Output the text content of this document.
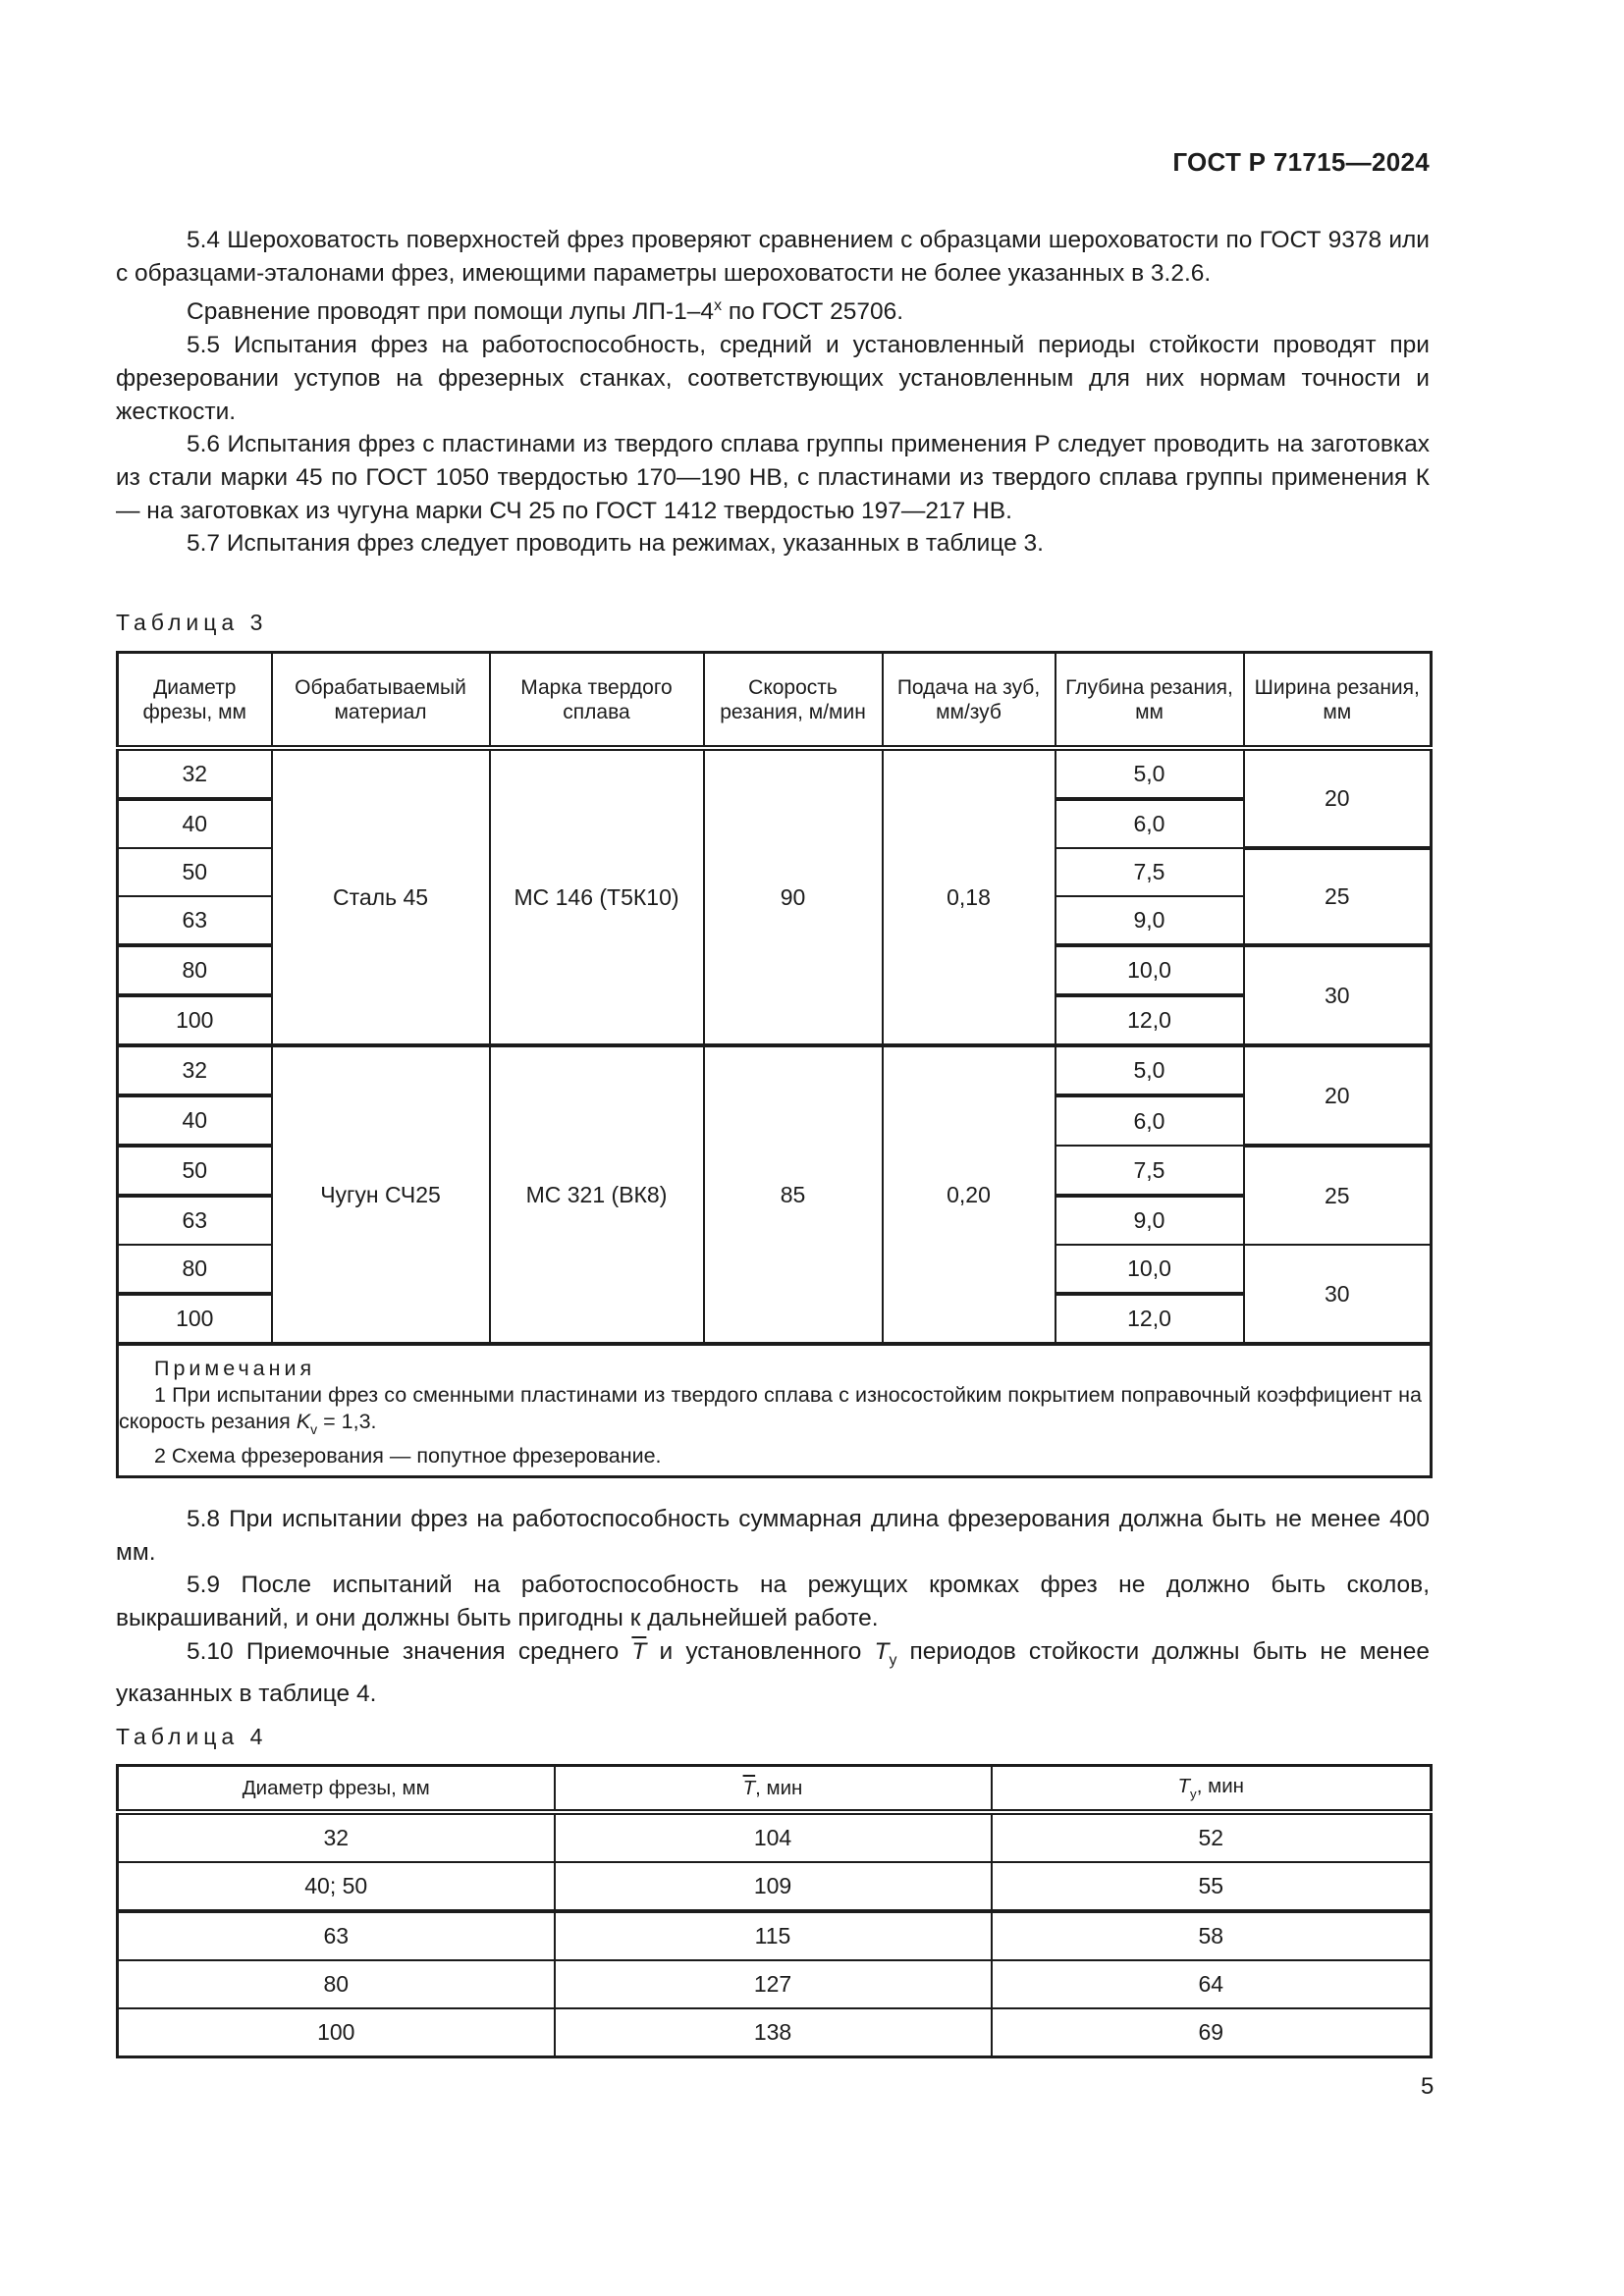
ГОСТ Р 71715—2024

5.4 Шероховатость поверхностей фрез проверяют сравнением с образцами шероховатости по ГОСТ 9378 или с образцами-эталонами фрез, имеющими параметры шероховатости не более указанных в 3.2.6.

Сравнение проводят при помощи лупы ЛП-1–4$^x$ по ГОСТ 25706.

5.5 Испытания фрез на работоспособность, средний и установленный периоды стойкости проводят при фрезеровании уступов на фрезерных станках, соответствующих установленным для них нормам точности и жесткости.

5.6 Испытания фрез с пластинами из твердого сплава группы применения Р следует проводить на заготовках из стали марки 45 по ГОСТ 1050 твердостью 170—190 НВ, с пластинами из твердого сплава группы применения К — на заготовках из чугуна марки СЧ 25 по ГОСТ 1412 твердостью 197—217 НВ.

5.7 Испытания фрез следует проводить на режимах, указанных в таблице 3.

Таблица 3
Диаметр фрезы, мм	Обрабатываемый материал	Марка твердого сплава	Скорость резания, м/мин	Подача на зуб, мм/зуб	Глубина резания, мм	Ширина резания, мм
32	Сталь 45	МС 146 (Т5К10)	90	0,18	5,0	20
40					6,0	
50					7,5	25
63					9,0	
80					10,0	30
100					12,0	
32	Чугун СЧ25	МС 321 (ВК8)	85	0,20	5,0	20
40					6,0	
50					7,5	25
63					9,0	
80					10,0	30
100					12,0	

Примечания
1 При испытании фрез со сменными пластинами из твердого сплава с износостойким покрытием поправочный коэффициент на скорость резания $K_v = 1,3$.
2 Схема фрезерования — попутное фрезерование.						

5.8 При испытании фрез на работоспособность суммарная длина фрезерования должна быть не менее 400 мм.

5.9 После испытаний на работоспособность на режущих кромках фрез не должно быть сколов, выкрашиваний, и они должны быть пригодны к дальнейшей работе.

5.10 Приемочные значения среднего $\overline{T}$ и установленного $T_y$ периодов стойкости должны быть не менее указанных в таблице 4.

Таблица 4
Диаметр фрезы, мм	$\overline{T}$, мин	$T_y$, мин
32	104	52
40; 50	109	55
63	115	58
80	127	64
100	138	69
5
